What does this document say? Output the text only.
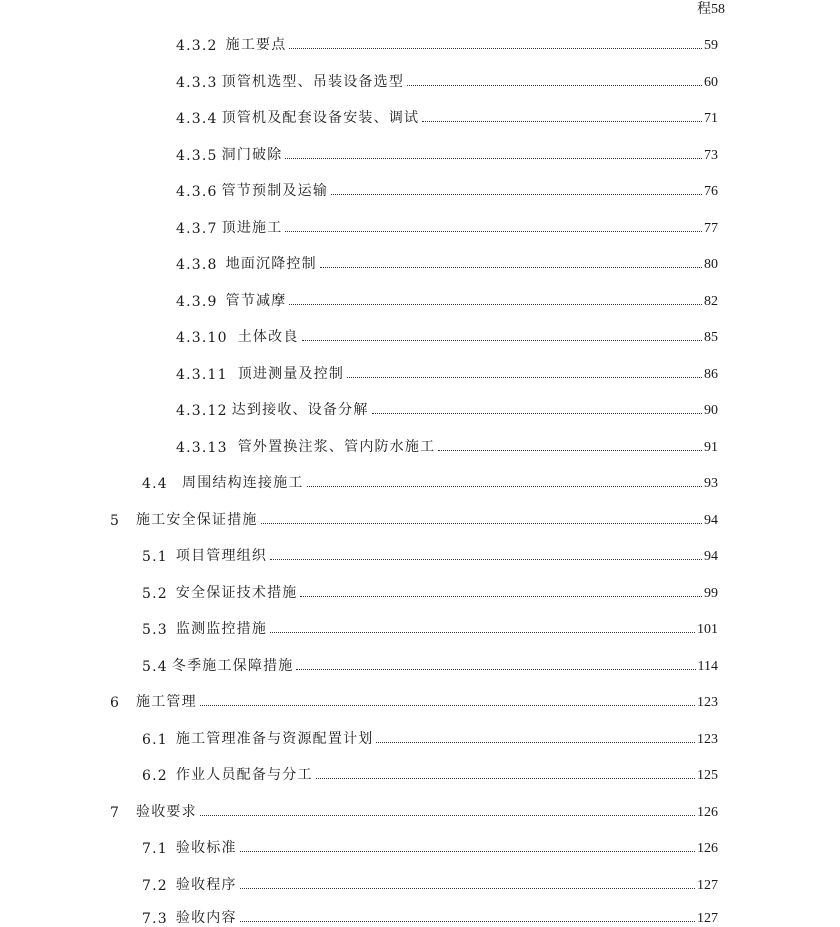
程58
4.3.2 施工要点	59
4.3.3 顶管机选型、吊装设备选型	60
4.3.4 顶管机及配套设备安装、调试	71
4.3.5 洞门破除	73
4.3.6 管节预制及运输	76
4.3.7 顶进施工	77
4.3.8 地面沉降控制	80
4.3.9 管节减摩	82
4.3.10 土体改良	85
4.3.11 顶进测量及控制	86
4.3.12 达到接收、设备分解	90
4.3.13 管外置换注浆、管内防水施工	91
4.4	周围结构连接施工	93
5	施工安全保证措施	94
5.1 项目管理组织	94
5.2 安全保证技术措施	99
5.3 监测监控措施	101
5.4 冬季施工保障措施	114
6	施工管理	123
6.1 施工管理准备与资源配置计划	123
6.2 作业人员配备与分工	125
7	验收要求	126
7.1 验收标准	126
7.2 验收程序	127
7.3 验收内容	127
